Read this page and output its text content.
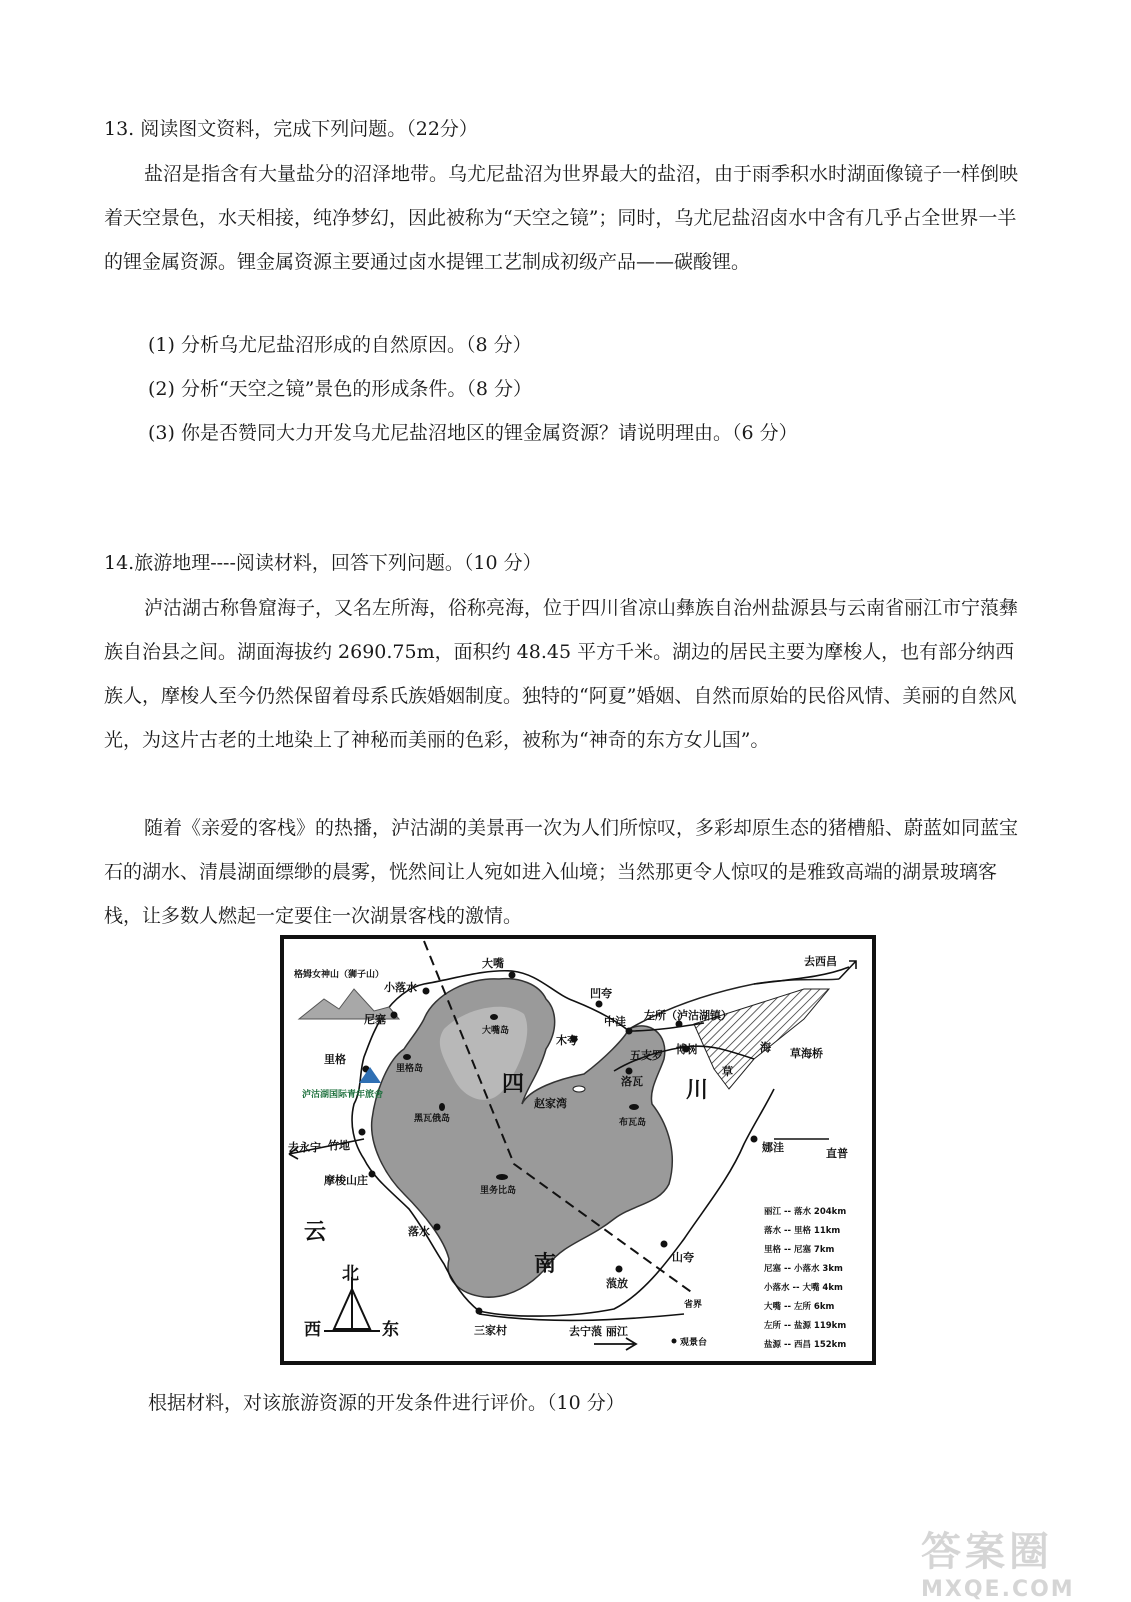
13. 阅读图文资料，完成下列问题。（22分）

盐沼是指含有大量盐分的沼泽地带。乌尤尼盐沼为世界最大的盐沼，由于雨季积水时湖面像镜子一样倒映着天空景色，水天相接，纯净梦幻，因此被称为“天空之镜”；同时，乌尤尼盐沼卤水中含有几乎占全世界一半的锂金属资源。锂金属资源主要通过卤水提锂工艺制成初级产品——碳酸锂。

(1) 分析乌尤尼盐沼形成的自然原因。（8 分）

(2) 分析“天空之镜”景色的形成条件。（8 分）

(3) 你是否赞同大力开发乌尤尼盐沼地区的锂金属资源？请说明理由。（6 分）

14.旅游地理----阅读材料，回答下列问题。（10 分）

泸沽湖古称鲁窟海子，又名左所海，俗称亮海，位于四川省凉山彝族自治州盐源县与云南省丽江市宁蒗彝族自治县之间。湖面海拔约 2690.75m，面积约 48.45 平方千米。湖边的居民主要为摩梭人，也有部分纳西族人，摩梭人至今仍然保留着母系氏族婚姻制度。独特的“阿夏”婚姻、自然而原始的民俗风情、美丽的自然风光，为这片古老的土地染上了神秘而美丽的色彩，被称为“神奇的东方女儿国”。

随着《亲爱的客栈》的热播，泸沽湖的美景再一次为人们所惊叹，多彩却原生态的猪槽船、蔚蓝如同蓝宝石的湖水、清晨湖面缥缈的晨雾，恍然间让人宛如进入仙境；当然那更令人惊叹的是雅致高端的湖景玻璃客栈，让多数人燃起一定要住一次湖景客栈的激情。

格姆女神山（狮子山）
大嘴
小落水
尼塞
里格
竹地
摩梭山庄
落水
三家村
凹夸
中洼 左所（泸沽湖镇）
木夸
五支罗 博树
洛瓦
赵家湾
草海桥
娜洼	直普
山夸
蒗放
大嘴岛
里格岛
黑瓦俄岛
里务比岛
布瓦岛
去西昌
去永宁
去宁蒗 丽江
泸沽湖国际青年旅舍	四	川
云
南
草
海
省界
观景台
北
西	东
丽江 -- 落水 204km
落水 -- 里格 11km
里格 -- 尼塞 7km
尼塞 -- 小落水 3km
小落水 -- 大嘴 4km
大嘴 -- 左所 6km
左所 -- 盐源 119km
盐源 -- 西昌 152km

根据材料，对该旅游资源的开发条件进行评价。（10 分）

答案圈
MXQE.COM
